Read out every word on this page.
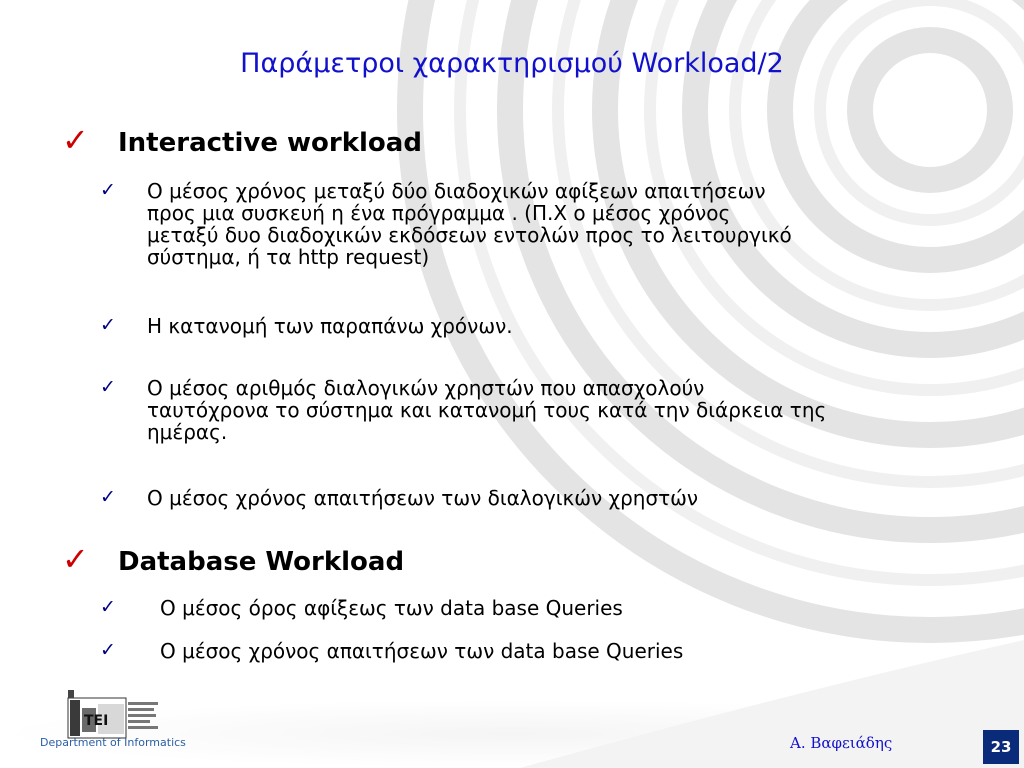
Παράμετροι χαρακτηρισμού Workload/2
✓ Interactive workload
✓ Ο μέσος χρόνος μεταξύ δύο διαδοχικών αφίξεων απαιτήσεων
προς μια συσκευή η ένα πρόγραμμα . (Π.Χ ο μέσος χρόνος
μεταξύ δυο διαδοχικών εκδόσεων εντολών προς το λειτουργικό
σύστημα, ή τα http request)
✓ Η κατανομή των παραπάνω χρόνων.
✓ Ο μέσος αριθμός διαλογικών χρηστών που απασχολούν
ταυτόχρονα το σύστημα και κατανομή τους κατά την διάρκεια της
ημέρας.
✓ Ο μέσος χρόνος απαιτήσεων των διαλογικών χρηστών
✓ Database Workload
✓ Ο μέσος όρος αφίξεως των data base Queries
✓ Ο μέσος χρόνος απαιτήσεων των data base Queries
ΤΕΙ
Department of Informatics	Α. Βαφειάδης	23
